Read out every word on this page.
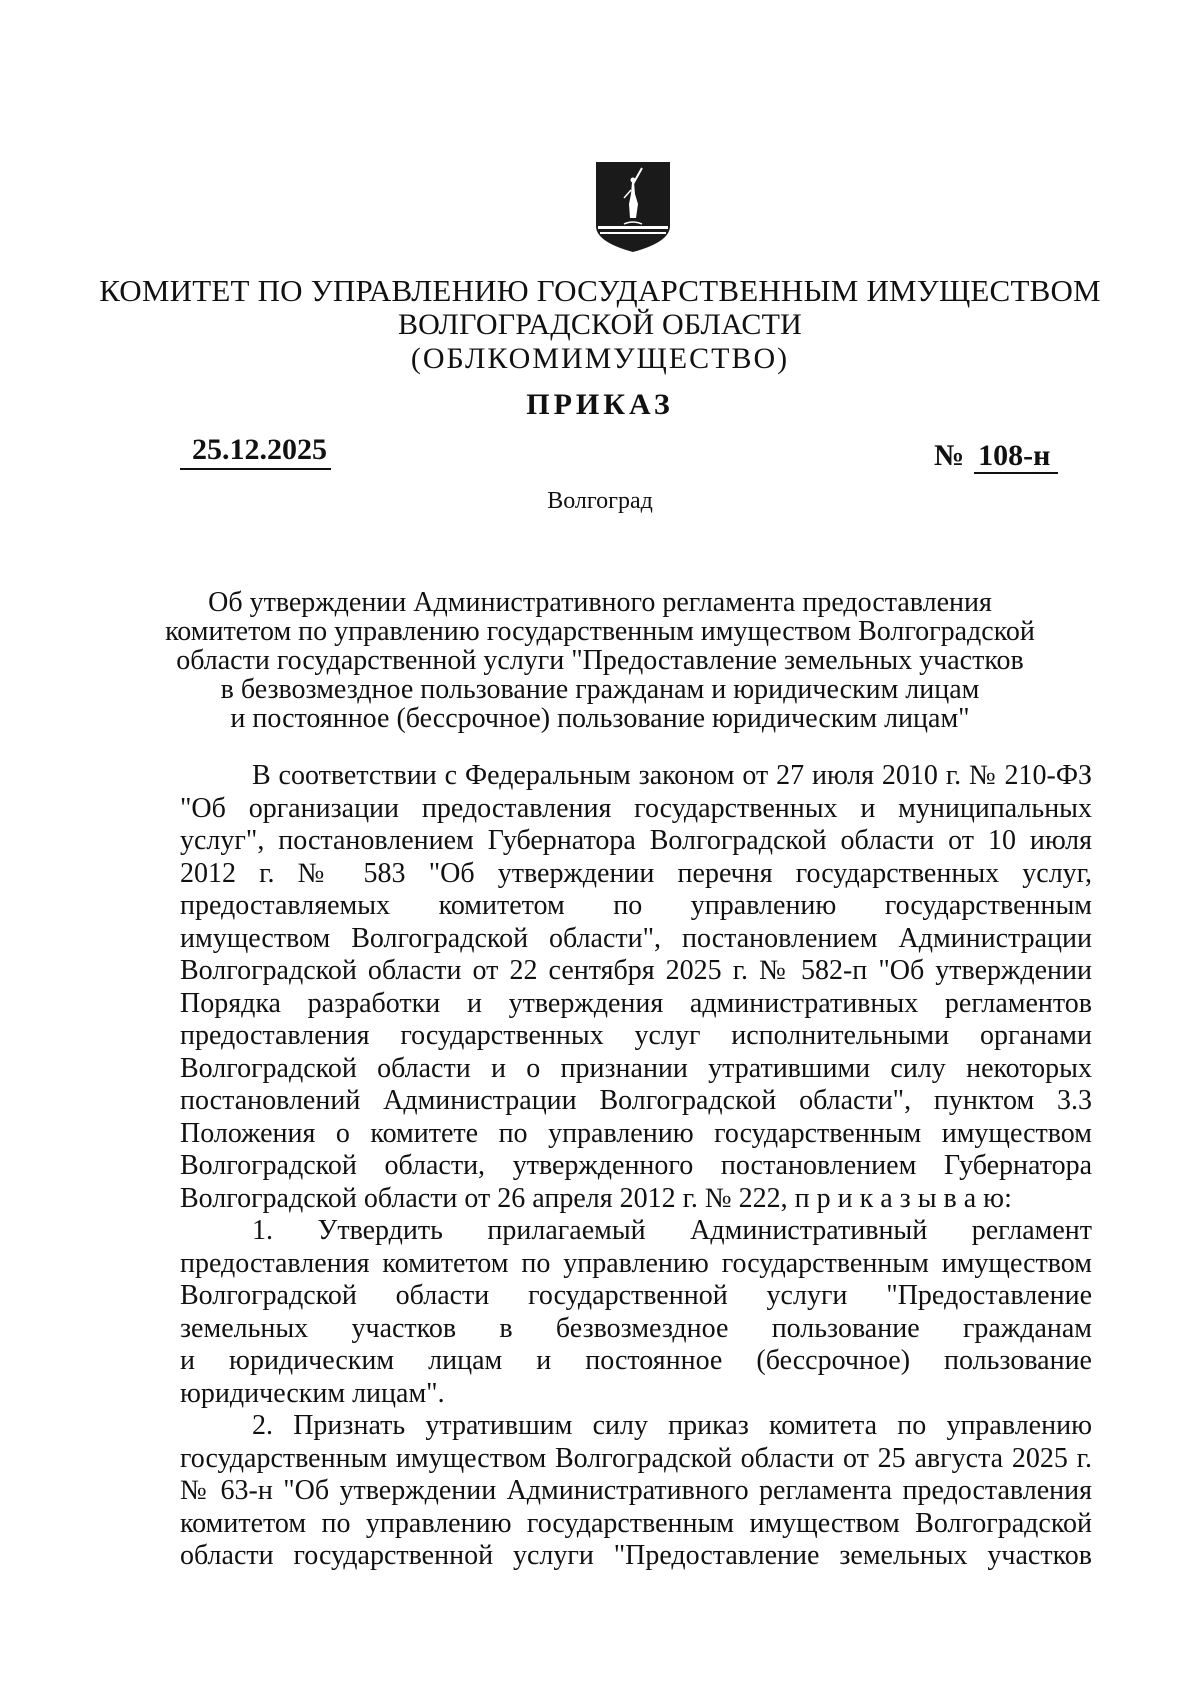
КОМИТЕТ ПО УПРАВЛЕНИЮ ГОСУДАРСТВЕННЫМ ИМУЩЕСТВОМ
ВОЛГОГРАДСКОЙ ОБЛАСТИ
(ОБЛКОМИМУЩЕСТВО)
ПРИКАЗ
25.12.2025	№ 108-н
Волгоград
Об утверждении Административного регламента предоставления
комитетом по управлению государственным имуществом Волгоградской
области государственной услуги "Предоставление земельных участков
в безвозмездное пользование гражданам и юридическим лицам
и постоянное (бессрочное) пользование юридическим лицам"
В соответствии с Федеральным законом от 27 июля 2010 г. № 210-ФЗ
"Об организации предоставления государственных и муниципальных
услуг", постановлением Губернатора Волгоградской области от 10 июля
2012 г. № 583 "Об утверждении перечня государственных услуг,
предоставляемых комитетом по управлению государственным
имуществом Волгоградской области", постановлением Администрации
Волгоградской области от 22 сентября 2025 г. № 582-п "Об утверждении
Порядка разработки и утверждения административных регламентов
предоставления государственных услуг исполнительными органами
Волгоградской области и о признании утратившими силу некоторых
постановлений Администрации Волгоградской области", пунктом 3.3
Положения о комитете по управлению государственным имуществом
Волгоградской области, утвержденного постановлением Губернатора
Волгоградской области от 26 апреля 2012 г. № 222, п р и к а з ы в а ю:
1. Утвердить прилагаемый Административный регламент
предоставления комитетом по управлению государственным имуществом
Волгоградской области государственной услуги "Предоставление
земельных участков в безвозмездное пользование гражданам
и юридическим лицам и постоянное (бессрочное) пользование
юридическим лицам".
2. Признать утратившим силу приказ комитета по управлению
государственным имуществом Волгоградской области от 25 августа 2025 г.
№ 63-н "Об утверждении Административного регламента предоставления
комитетом по управлению государственным имуществом Волгоградской
области государственной услуги "Предоставление земельных участков
